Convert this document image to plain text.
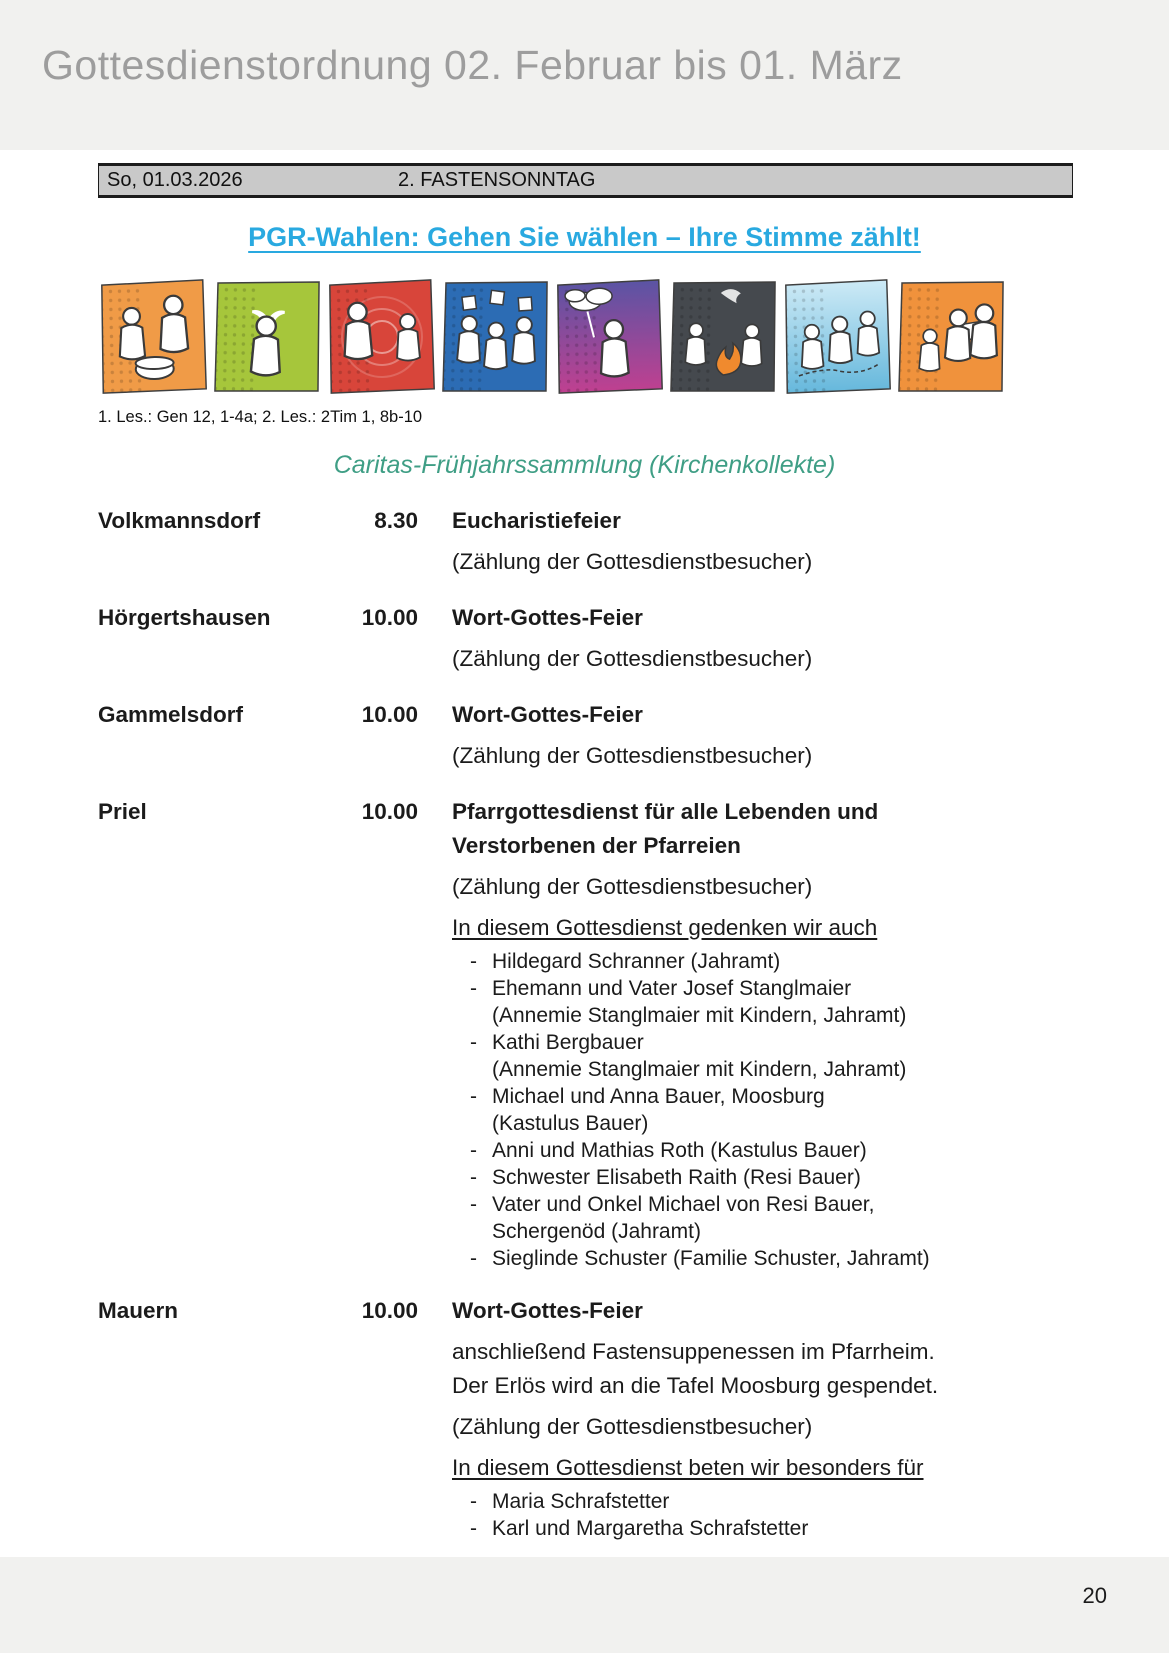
Gottesdienstordnung 02. Februar bis 01. März
So, 01.03.2026	2. FASTENSONNTAG
PGR-Wahlen: Gehen Sie wählen – Ihre Stimme zählt!
1. Les.: Gen 12, 1-4a; 2. Les.: 2Tim 1, 8b-10
Caritas-Frühjahrssammlung (Kirchenkollekte)
Volkmannsdorf	8.30 Eucharistiefeier
(Zählung der Gottesdienstbesucher)
Hörgertshausen	10.00 Wort-Gottes-Feier
(Zählung der Gottesdienstbesucher)
Gammelsdorf	10.00 Wort-Gottes-Feier
(Zählung der Gottesdienstbesucher)
Priel	10.00 Pfarrgottesdienst für alle Lebenden und Verstorbenen der Pfarreien
(Zählung der Gottesdienstbesucher)
In diesem Gottesdienst gedenken wir auch
- Hildegard Schranner (Jahramt)
- Ehemann und Vater Josef Stanglmaier
(Annemie Stanglmaier mit Kindern, Jahramt)
- Kathi Bergbauer
(Annemie Stanglmaier mit Kindern, Jahramt)
- Michael und Anna Bauer, Moosburg
(Kastulus Bauer)
- Anni und Mathias Roth (Kastulus Bauer)
- Schwester Elisabeth Raith (Resi Bauer)
- Vater und Onkel Michael von Resi Bauer,
Schergenöd (Jahramt)
- Sieglinde Schuster (Familie Schuster, Jahramt)
Mauern	10.00 Wort-Gottes-Feier
anschließend Fastensuppenessen im Pfarrheim.
Der Erlös wird an die Tafel Moosburg gespendet.
(Zählung der Gottesdienstbesucher)
In diesem Gottesdienst beten wir besonders für
- Maria Schrafstetter
- Karl und Margaretha Schrafstetter
20
